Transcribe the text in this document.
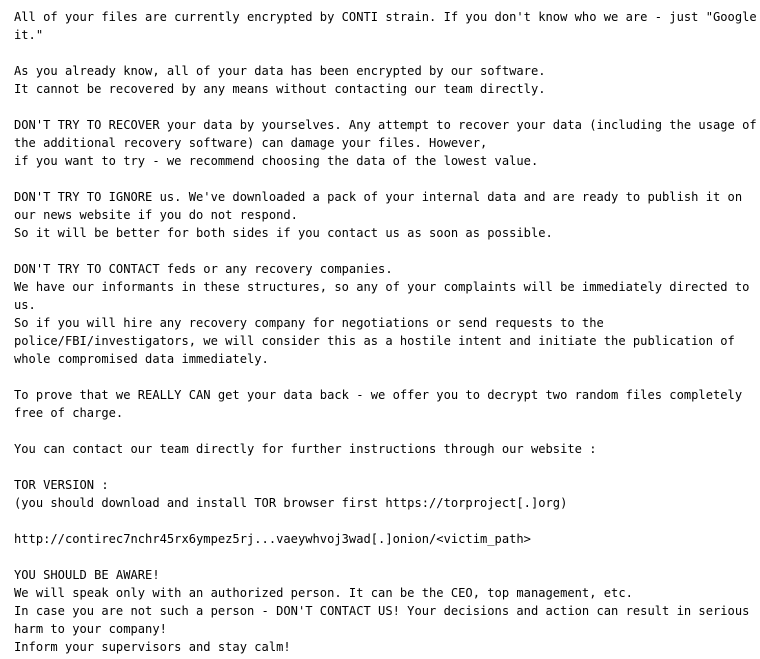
All of your files are currently encrypted by CONTI strain. If you don't know who we are - just "Google
it."
As you already know, all of your data has been encrypted by our software.
It cannot be recovered by any means without contacting our team directly.
DON'T TRY TO RECOVER your data by yourselves. Any attempt to recover your data (including the usage of
the additional recovery software) can damage your files. However,
if you want to try - we recommend choosing the data of the lowest value.
DON'T TRY TO IGNORE us. We've downloaded a pack of your internal data and are ready to publish it on
our news website if you do not respond.
So it will be better for both sides if you contact us as soon as possible.
DON'T TRY TO CONTACT feds or any recovery companies.
We have our informants in these structures, so any of your complaints will be immediately directed to
us.
So if you will hire any recovery company for negotiations or send requests to the
police/FBI/investigators, we will consider this as a hostile intent and initiate the publication of
whole compromised data immediately.
To prove that we REALLY CAN get your data back - we offer you to decrypt two random files completely
free of charge.
You can contact our team directly for further instructions through our website :
TOR VERSION :
(you should download and install TOR browser first https://torproject[.]org)
http://contirec7nchr45rx6ympez5rj...vaeywhvoj3wad[.]onion/<victim_path>
YOU SHOULD BE AWARE!
We will speak only with an authorized person. It can be the CEO, top management, etc.
In case you are not such a person - DON'T CONTACT US! Your decisions and action can result in serious
harm to your company!
Inform your supervisors and stay calm!
